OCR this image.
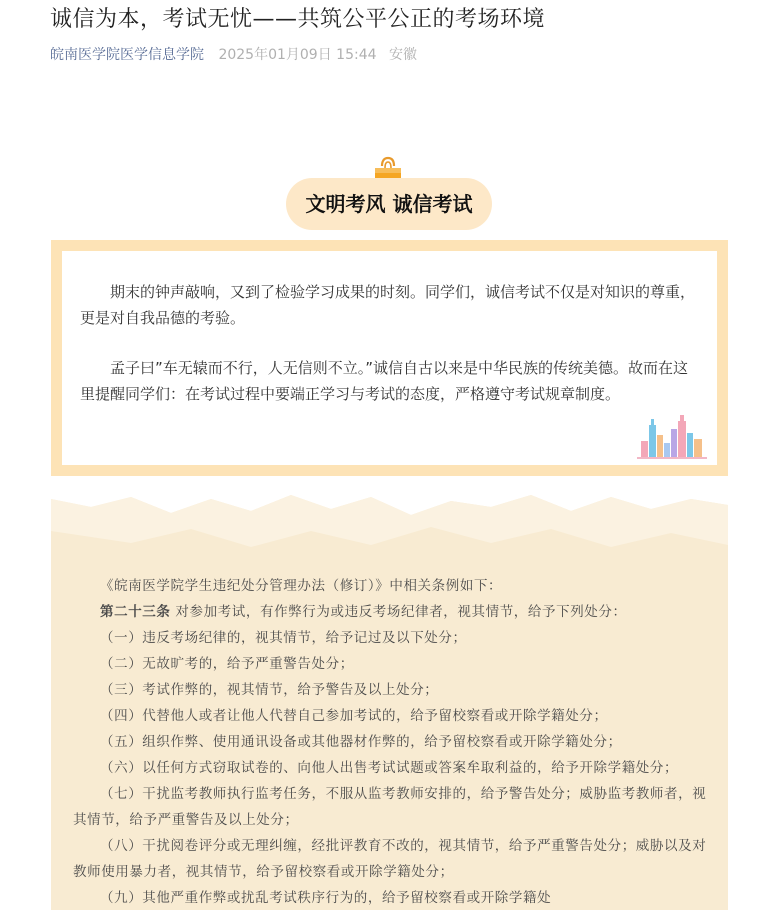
诚信为本，考试无忧——共筑公平公正的考场环境
皖南医学院医学信息学院 2025年01月09日 15:44 安徽
文明考风 诚信考试

期末的钟声敲响，又到了检验学习成果的时刻。同学们，诚信考试不仅是对知识的尊重，更是对自我品德的考验。

孟子曰”车无辕而不行，人无信则不立。”诚信自古以来是中华民族的传统美德。故而在这里提醒同学们：在考试过程中要端正学习与考试的态度，严格遵守考试规章制度。

《皖南医学院学生违纪处分管理办法（修订）》中相关条例如下：

第二十三条 对参加考试，有作弊行为或违反考场纪律者，视其情节，给予下列处分：

（一）违反考场纪律的，视其情节，给予记过及以下处分；

（二）无故旷考的，给予严重警告处分；

（三）考试作弊的，视其情节，给予警告及以上处分；

（四）代替他人或者让他人代替自己参加考试的，给予留校察看或开除学籍处分；

（五）组织作弊、使用通讯设备或其他器材作弊的，给予留校察看或开除学籍处分；

（六）以任何方式窃取试卷的、向他人出售考试试题或答案牟取利益的，给予开除学籍处分；

（七）干扰监考教师执行监考任务，不服从监考教师安排的，给予警告处分；威胁监考教师者，视其情节，给予严重警告及以上处分；

（八）干扰阅卷评分或无理纠缠，经批评教育不改的，视其情节，给予严重警告处分；威胁以及对教师使用暴力者，视其情节，给予留校察看或开除学籍处分；

（九）其他严重作弊或扰乱考试秩序行为的，给予留校察看或开除学籍处
